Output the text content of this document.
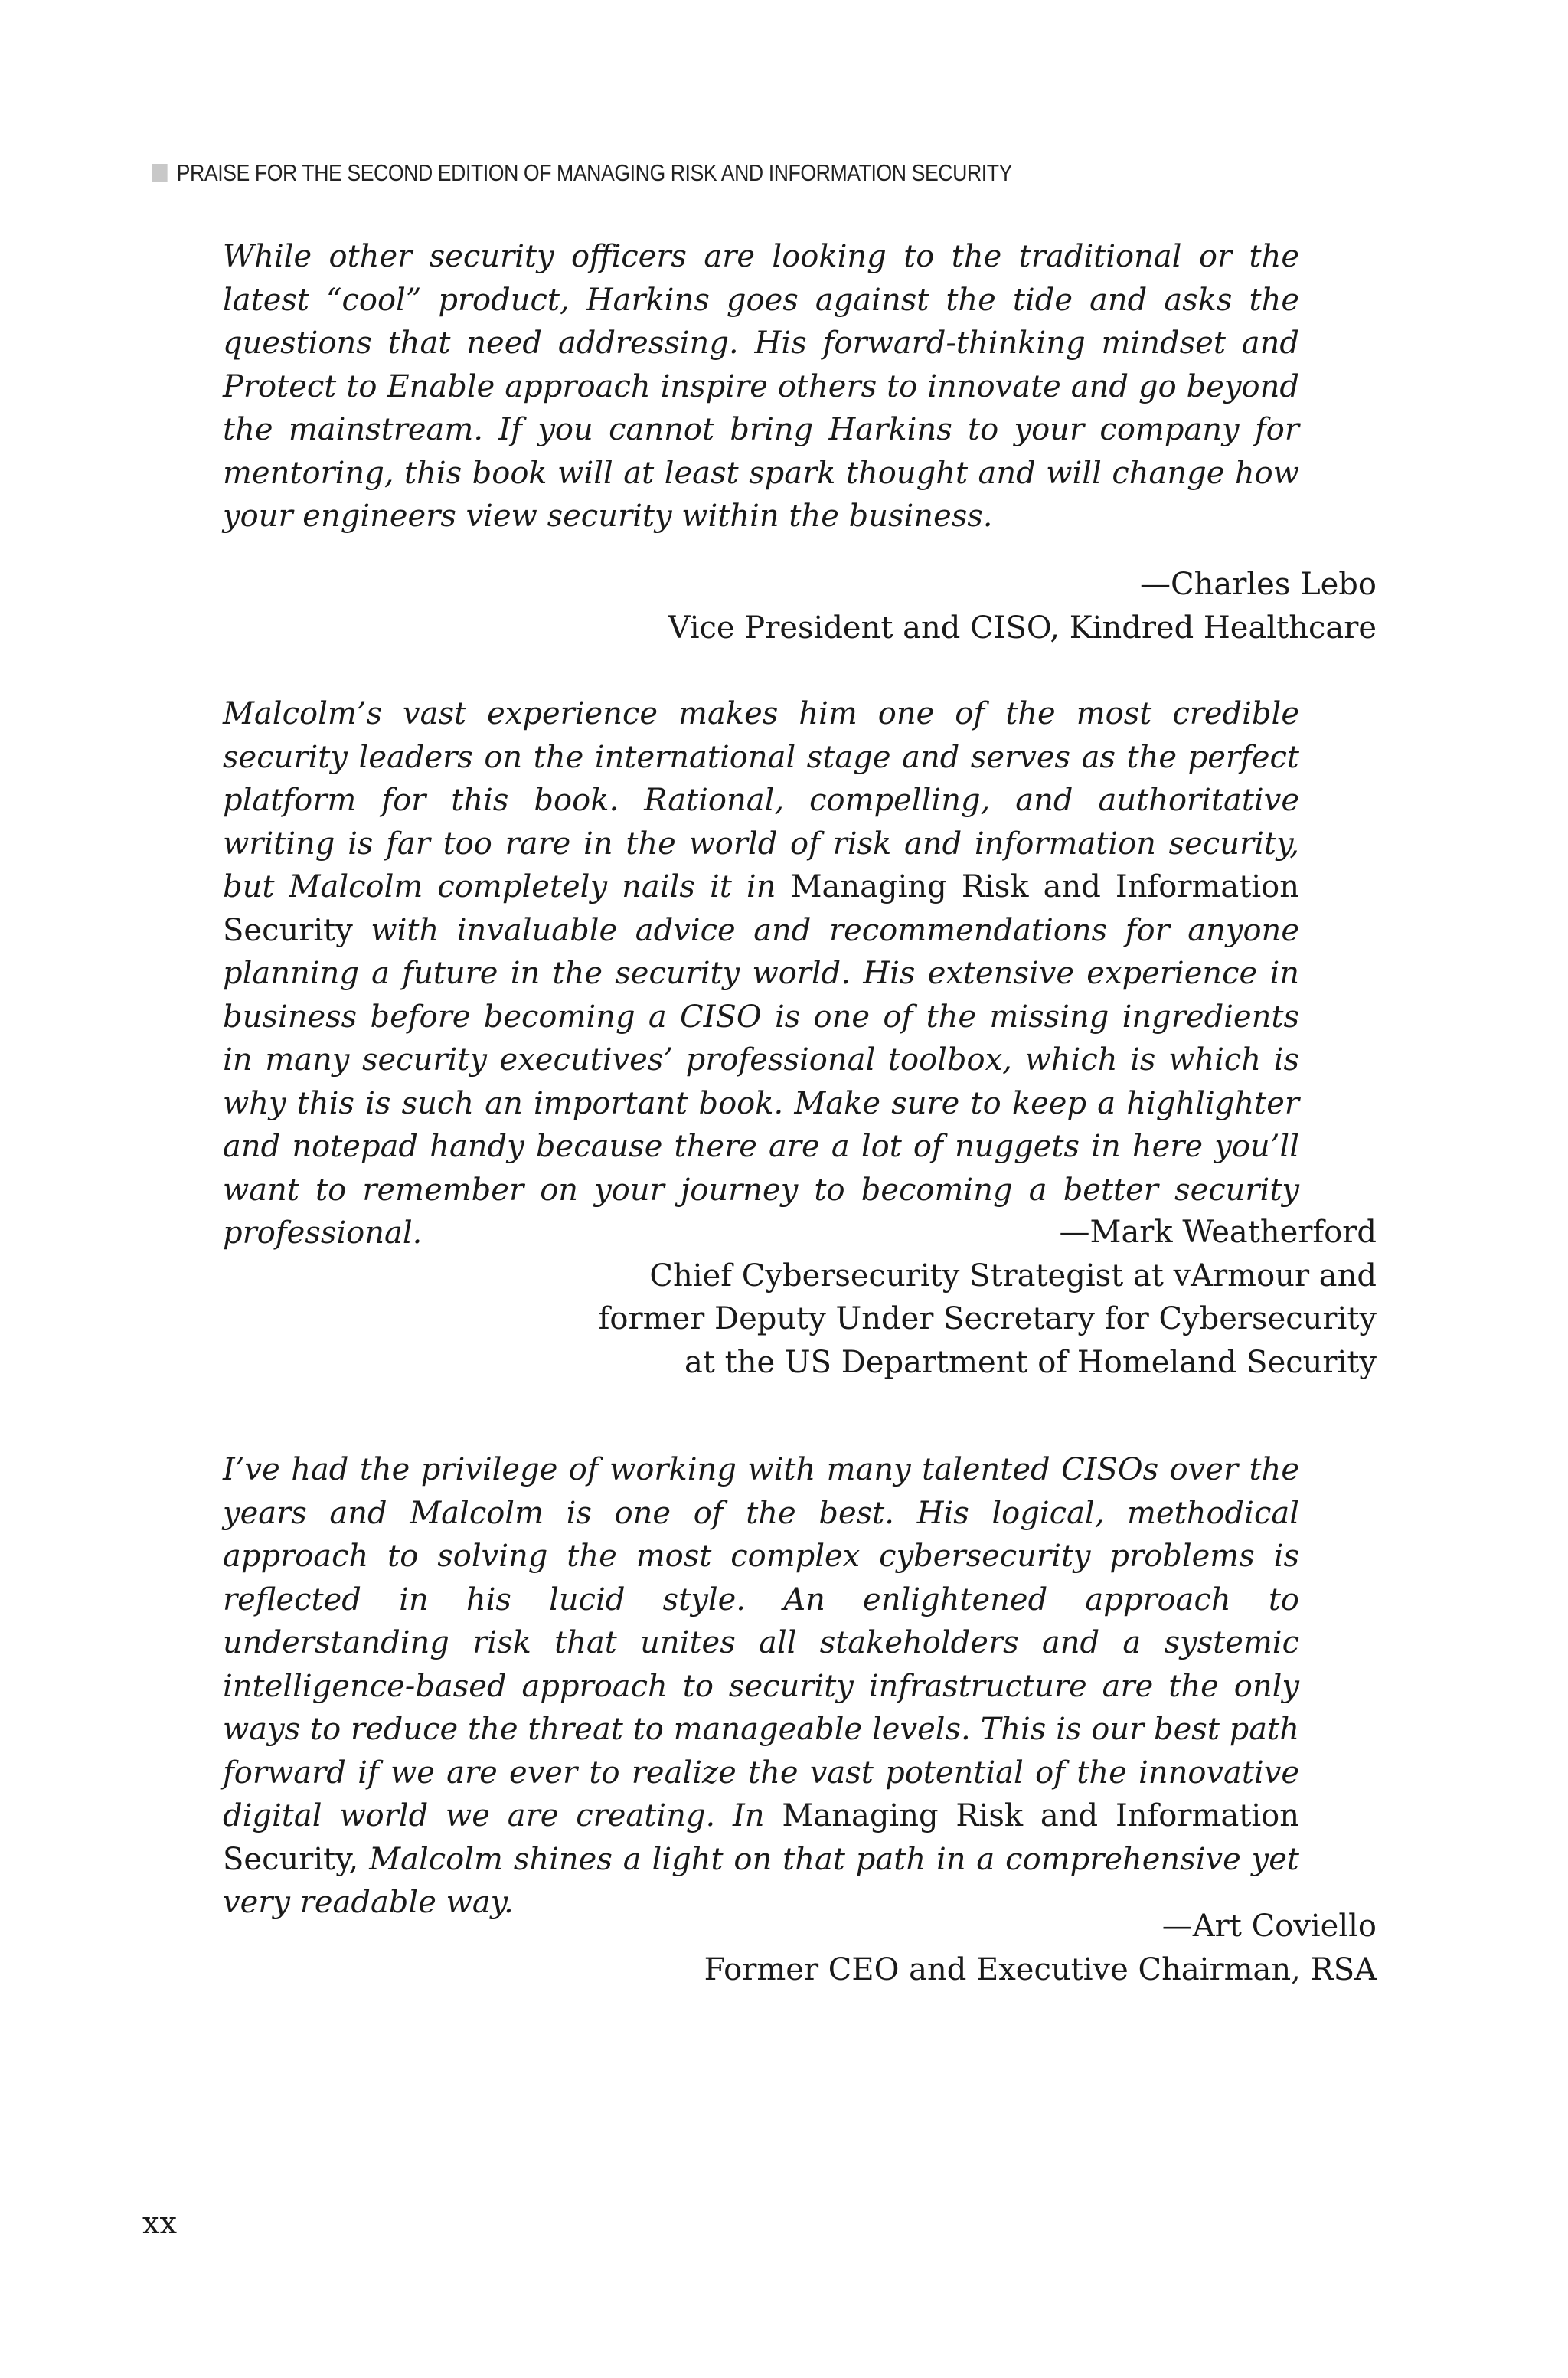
PRAISE FOR THE SECOND EDITION OF MANAGING RISK AND INFORMATION SECURITY

While other security officers are looking to the traditional or the latest “cool” product, Harkins goes against the tide and asks the questions that need addressing. His forward-thinking mindset and Protect to Enable approach inspire others to innovate and go beyond the mainstream. If you cannot bring Harkins to your company for mentoring, this book will at least spark thought and will change how your engineers view security within the business.

—Charles Lebo
Vice President and CISO, Kindred Healthcare

Malcolm’s vast experience makes him one of the most credible security leaders on the international stage and serves as the perfect platform for this book. Rational, compelling, and authoritative writing is far too rare in the world of risk and information security, but Malcolm completely nails it in Managing Risk and Information Security with invaluable advice and recommendations for anyone planning a future in the security world. His extensive experience in business before becoming a CISO is one of the missing ingredients in many security executives’ professional toolbox, which is which is why this is such an important book. Make sure to keep a highlighter and notepad handy because there are a lot of nuggets in here you’ll want to remember on your journey to becoming a better security professional.	—Mark Weatherford
Chief Cybersecurity Strategist at vArmour and
former Deputy Under Secretary for Cybersecurity
at the US Department of Homeland Security

I’ve had the privilege of working with many talented CISOs over the years and Malcolm is one of the best. His logical, methodical approach to solving the most complex cybersecurity problems is reflected in his lucid style. An enlightened approach to understanding risk that unites all stakeholders and a systemic intelligence-based approach to security infrastructure are the only ways to reduce the threat to manageable levels. This is our best path forward if we are ever to realize the vast potential of the innovative digital world we are creating. In Managing Risk and Information Security, Malcolm shines a light on that path in a comprehensive yet very readable way.

—Art Coviello
Former CEO and Executive Chairman, RSA
xx
